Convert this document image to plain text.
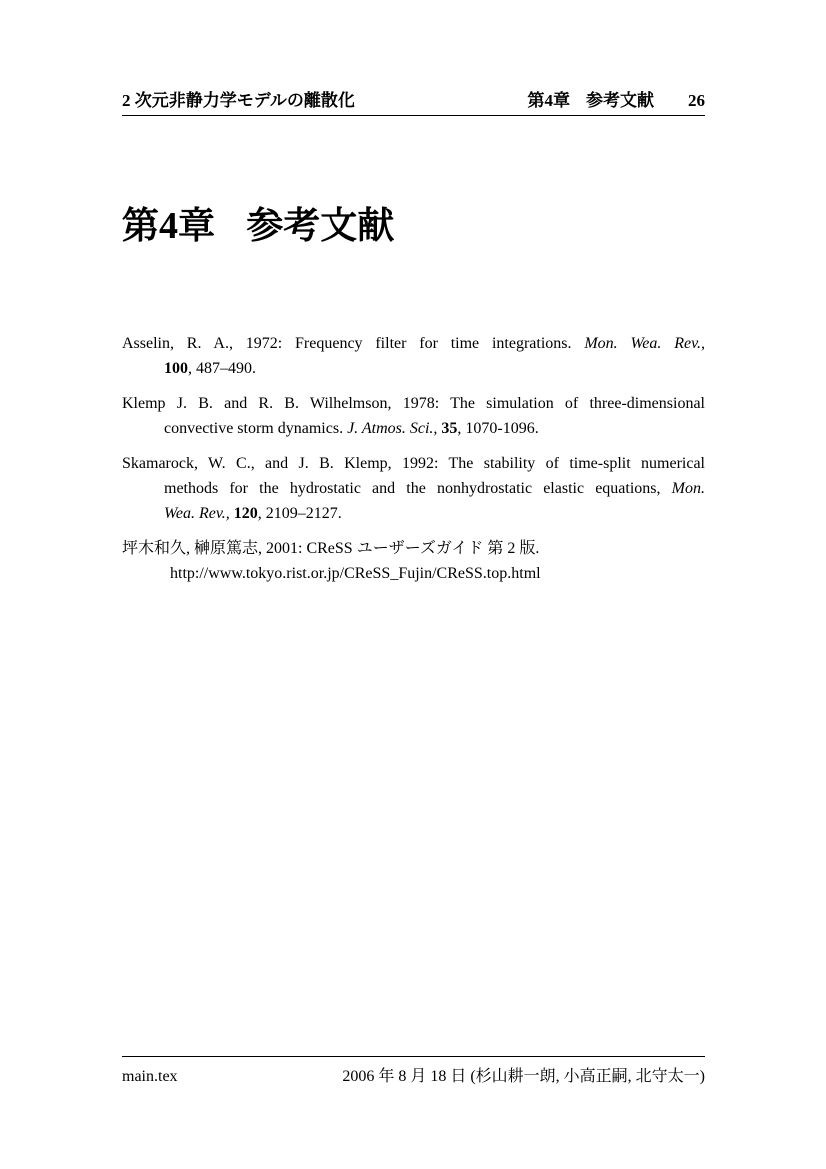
2 次元非静力学モデルの離散化	第4章 参考文献 26
第4章 参考文献
Asselin, R. A., 1972: Frequency filter for time integrations. Mon. Wea. Rev.,
100, 487–490.
Klemp J. B. and R. B. Wilhelmson, 1978: The simulation of three-dimensional
convective storm dynamics. J. Atmos. Sci., 35, 1070-1096.
Skamarock, W. C., and J. B. Klemp, 1992: The stability of time-split numerical
methods for the hydrostatic and the nonhydrostatic elastic equations, Mon.
Wea. Rev., 120, 2109–2127.
坪木和久, 榊原篤志, 2001: CReSS ユーザーズガイド 第 2 版.
http://www.tokyo.rist.or.jp/CReSS_Fujin/CReSS.top.html
main.tex	2006 年 8 月 18 日 (杉山耕一朗, 小高正嗣, 北守太一)
